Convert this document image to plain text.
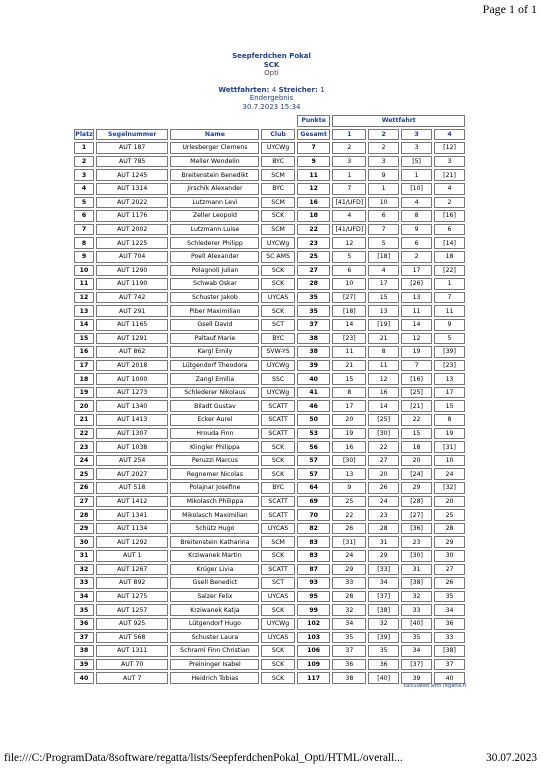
Page 1 of 1
Seepferdchen Pokal
SCK
Opti
Wettfahrten: 4 Streicher: 1
Endergebnis
30.7.2023 15:34
				Punkte	Wettfahrt			
Platz	Segelnummer	Name	Club	Gesamt	1	2	3	4
1	AUT 187	Urlesberger Clemens	UYCWg	7	2	2	3	[12]
2	AUT 785	Meller Wendelin	BYC	9	3	3	[5]	3
3	AUT 1245	Breitenstein Benedikt	SCM	11	1	9	1	[21]
4	AUT 1314	Jirschik Alexander	BYC	12	7	1	[10]	4
5	AUT 2022	Lutzmann Levi	SCM	16	[41/UFD]	10	4	2
6	AUT 1176	Zeller Leopold	SCK	18	4	6	8	[16]
7	AUT 2002	Lutzmann Luise	SCM	22	[41/UFD]	7	9	6
8	AUT 1225	Schlederer Philipp	UYCWg	23	12	5	6	[14]
9	AUT 704	Poell Alexander	SC AMS	25	5	[18]	2	18
10	AUT 1290	Polagnoli Julian	SCK	27	6	4	17	[22]
11	AUT 1190	Schwab Oskar	SCK	28	10	17	[26]	1
12	AUT 742	Schuster Jakob	UYCAS	35	[27]	15	13	7
13	AUT 291	Piber Maximilian	SCK	35	[18]	13	11	11
14	AUT 1165	Gsell David	SCT	37	14	[19]	14	9
15	AUT 1291	Paltauf Marie	BYC	38	[23]	21	12	5
16	AUT 862	Kargl Emily	SVW-YS	38	11	8	19	[39]
17	AUT 2018	Lütgendorf Theodora	UYCWg	39	21	11	7	[23]
18	AUT 1000	Zangl Emilia	SSC	40	15	12	[16]	13
19	AUT 1273	Schlederer Nikolaus	UYCWg	41	8	16	[25]	17
20	AUT 1340	Biladt Gustav	SCATT	46	17	14	[21]	15
21	AUT 1413	Ecker Aurel	SCATT	50	20	[25]	22	8
22	AUT 1307	Hrouda Finn	SCATT	53	19	[30]	15	19
23	AUT 1038	Klingler Philippa	SCK	56	16	22	18	[31]
24	AUT 254	Peruzzi Marcus	SCK	57	[30]	27	20	10
25	AUT 2027	Regnemer Nicolas	SCK	57	13	20	[24]	24
26	AUT 518	Polajnar Josefine	BYC	64	9	26	29	[32]
27	AUT 1412	Mikolasch Philippa	SCATT	69	25	24	[28]	20
28	AUT 1341	Mikolasch Maximilian	SCATT	70	22	23	[27]	25
29	AUT 1134	Schütz Hugo	UYCAS	82	26	28	[36]	28
30	AUT 1292	Breitenstein Katharina	SCM	83	[31]	31	23	29
31	AUT 1	Krziwanek Martin	SCK	83	24	29	[30]	30
32	AUT 1267	Krüger Livia	SCATT	87	29	[33]	31	27
33	AUT 892	Gsell Benedict	SCT	93	33	34	[38]	26
34	AUT 1275	Salzer Felix	UYCAS	95	28	[37]	32	35
35	AUT 1257	Krziwanek Katja	SCK	99	32	[38]	33	34
36	AUT 925	Lütgendorf Hugo	UYCWg	102	34	32	[40]	36
37	AUT 568	Schuster Laura	UYCAS	103	35	[39]	35	33
38	AUT 1311	Schraml Finn Christian	SCK	106	37	35	34	[38]
39	AUT 70	Preininger Isabel	SCK	109	36	36	[37]	37
40	AUT 7	Heidrich Tobias	SCK	117	38	[40]	39	40
calculated with regatta.fl
file:///C:/ProgramData/8software/regatta/lists/SeepferdchenPokal_Opti/HTML/overall...	30.07.2023
